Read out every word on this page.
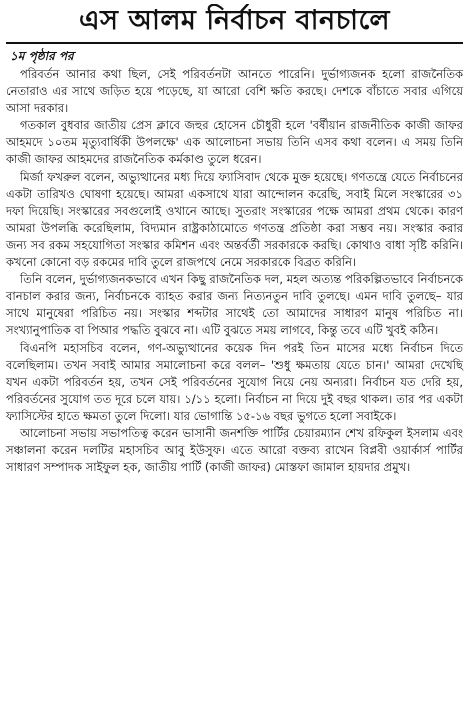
এস আলম নির্বাচন বানচালে
১ম পৃষ্ঠার পর

পরিবর্তন আনার কথা ছিল, সেই পরিবর্তনটা আনতে পারেনি। দুর্ভাগ্যজনক হলো রাজনৈতিক নেতারাও এর সাথে জড়িত হয়ে পড়েছে, যা আরো বেশি ক্ষতি করছে। দেশকে বাঁচাতে সবার এগিয়ে আসা দরকার।

গতকাল বুধবার জাতীয় প্রেস ক্লাবে জহুর হোসেন চৌধুরী হলে 'বর্ষীয়ান রাজনীতিক কাজী জাফর আহমদে ১০তম মৃত্যুবার্ষিকী উপলক্ষে' এক আলোচনা সভায় তিনি এসব কথা বলেন। এ সময় তিনি কাজী জাফর আহমদের রাজনৈতিক কর্মকাণ্ড তুলে ধরেন।

মির্জা ফখরুল বলেন, অভ্যুত্থানের মধ্য দিয়ে ফ্যাসিবাদ থেকে মুক্ত হয়েছে। গণতন্ত্রে যেতে নির্বাচনের একটা তারিখও ঘোষণা হয়েছে। আমরা একসাথে যারা আন্দোলন করেছি, সবাই মিলে সংস্কারের ৩১ দফা দিয়েছি। সংস্কারের সবগুলোই ওখানে আছে। সুতরাং সংস্কারের পক্ষে আমরা প্রথম থেকে। কারণ আমরা উপলব্ধি করেছিলাম, বিদ্যমান রাষ্ট্রকাঠামোতে গণতন্ত্র প্রতিষ্ঠা করা সম্ভব নয়। সংস্কার করার জন্য সব রকম সহযোগিতা সংস্কার কমিশন এবং অন্তর্বর্তী সরকারকে করছি। কোথাও বাধা সৃষ্টি করিনি। কখনো কোনো বড় রকমের দাবি তুলে রাজপথে নেমে সরকারকে বিব্রত করিনি।

তিনি বলেন, দুর্ভাগ্যজনকভাবে এখন কিছু রাজনৈতিক দল, মহল অত্যন্ত পরিকল্পিতভাবে নির্বাচনকে বানচাল করার জন্য, নির্বাচনকে ব্যাহত করার জন্য নিত্যনতুন দাবি তুলছে। এমন দাবি তুলছে– যার সাথে মানুষেরা পরিচিত নয়। সংস্কার শব্দটার সাথেই তো আমাদের সাধারণ মানুষ পরিচিত না। সংখ্যানুপাতিক বা পিআর পদ্ধতি বুঝবে না। এটি বুঝতে সময় লাগবে, কিন্তু তবে এটি খুবই কঠিন।

বিএনপি মহাসচিব বলেন, গণ-অভ্যুত্থানের কয়েক দিন পরই তিন মাসের মধ্যে নির্বাচন দিতে বলেছিলাম। তখন সবাই আমার সমালোচনা করে বলল– 'শুধু ক্ষমতায় যেতে চান।' আমরা দেখেছি যখন একটা পরিবর্তন হয়, তখন সেই পরিবর্তনের সুযোগ নিয়ে নেয় অন্যরা। নির্বাচন যত দেরি হয়, পরিবর্তনের সুযোগ তত দূরে চলে যায়। ১/১১ হলো। নির্বাচন না দিয়ে দুই বছর থাকল। তার পর একটা ফ্যাসিস্টের হাতে ক্ষমতা তুলে দিলো। যার ভোগান্তি ১৫-১৬ বছর ভুগতে হলো সবাইকে।

আলোচনা সভায় সভাপতিত্ব করেন ভাসানী জনশক্তি পার্টির চেয়ারম্যান শেখ রফিকুল ইসলাম এবং সঞ্চালনা করেন দলটির মহাসচিব আবু ইউসুফ। এতে আরো বক্তব্য রাখেন বিপ্লবী ওয়ার্কার্স পার্টির সাধারণ সম্পাদক সাইফুল হক, জাতীয় পার্টি (কাজী জাফর) মোস্তফা জামাল হায়দার প্রমুখ।
